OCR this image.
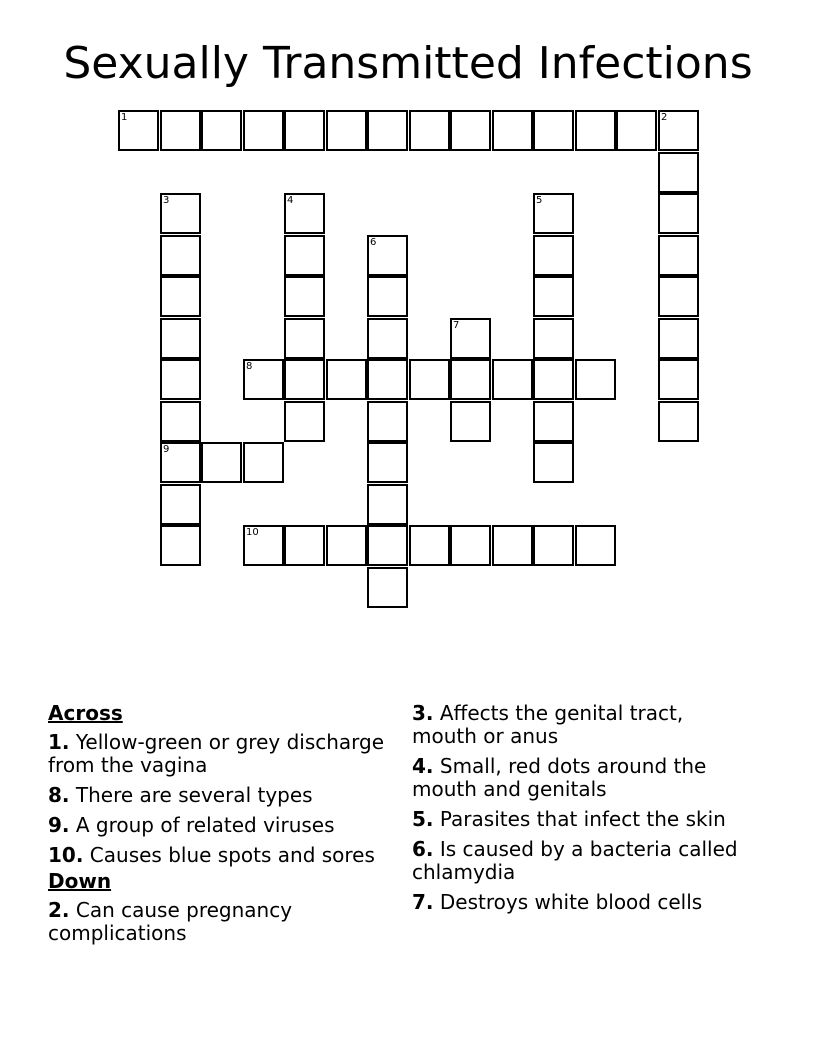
Sexually Transmitted Infections
1	2
3
9
4	5
6
7
8
10
Across
1. Yellow-green or grey discharge from the vagina
8. There are several types
9. A group of related viruses
10. Causes blue spots and sores
Down
2. Can cause pregnancy complications
3. Affects the genital tract, mouth or anus
4. Small, red dots around the mouth and genitals
5. Parasites that infect the skin
6. Is caused by a bacteria called chlamydia
7. Destroys white blood cells
